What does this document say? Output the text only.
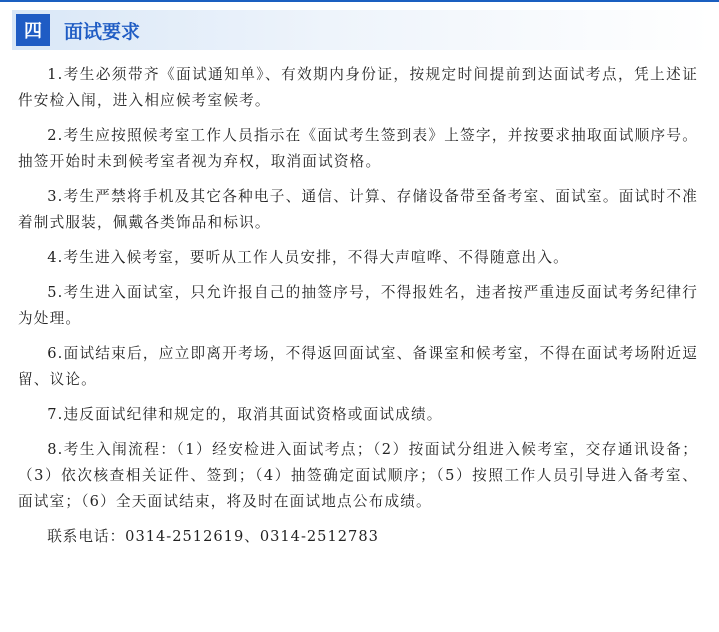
四	面试要求

1.考生必须带齐《面试通知单》、有效期内身份证，按规定时间提前到达面试考点，凭上述证件安检入闱，进入相应候考室候考。

2.考生应按照候考室工作人员指示在《面试考生签到表》上签字，并按要求抽取面试顺序号。抽签开始时未到候考室者视为弃权，取消面试资格。

3.考生严禁将手机及其它各种电子、通信、计算、存储设备带至备考室、面试室。面试时不准着制式服装，佩戴各类饰品和标识。

4.考生进入候考室，要听从工作人员安排，不得大声喧哗、不得随意出入。

5.考生进入面试室，只允许报自己的抽签序号，不得报姓名，违者按严重违反面试考务纪律行为处理。

6.面试结束后，应立即离开考场，不得返回面试室、备课室和候考室，不得在面试考场附近逗留、议论。

7.违反面试纪律和规定的，取消其面试资格或面试成绩。

8.考生入闱流程：（1）经安检进入面试考点；（2）按面试分组进入候考室，交存通讯设备；（3）依次核查相关证件、签到；（4）抽签确定面试顺序；（5）按照工作人员引导进入备考室、面试室；（6）全天面试结束，将及时在面试地点公布成绩。

联系电话：0314-2512619、0314-2512783
